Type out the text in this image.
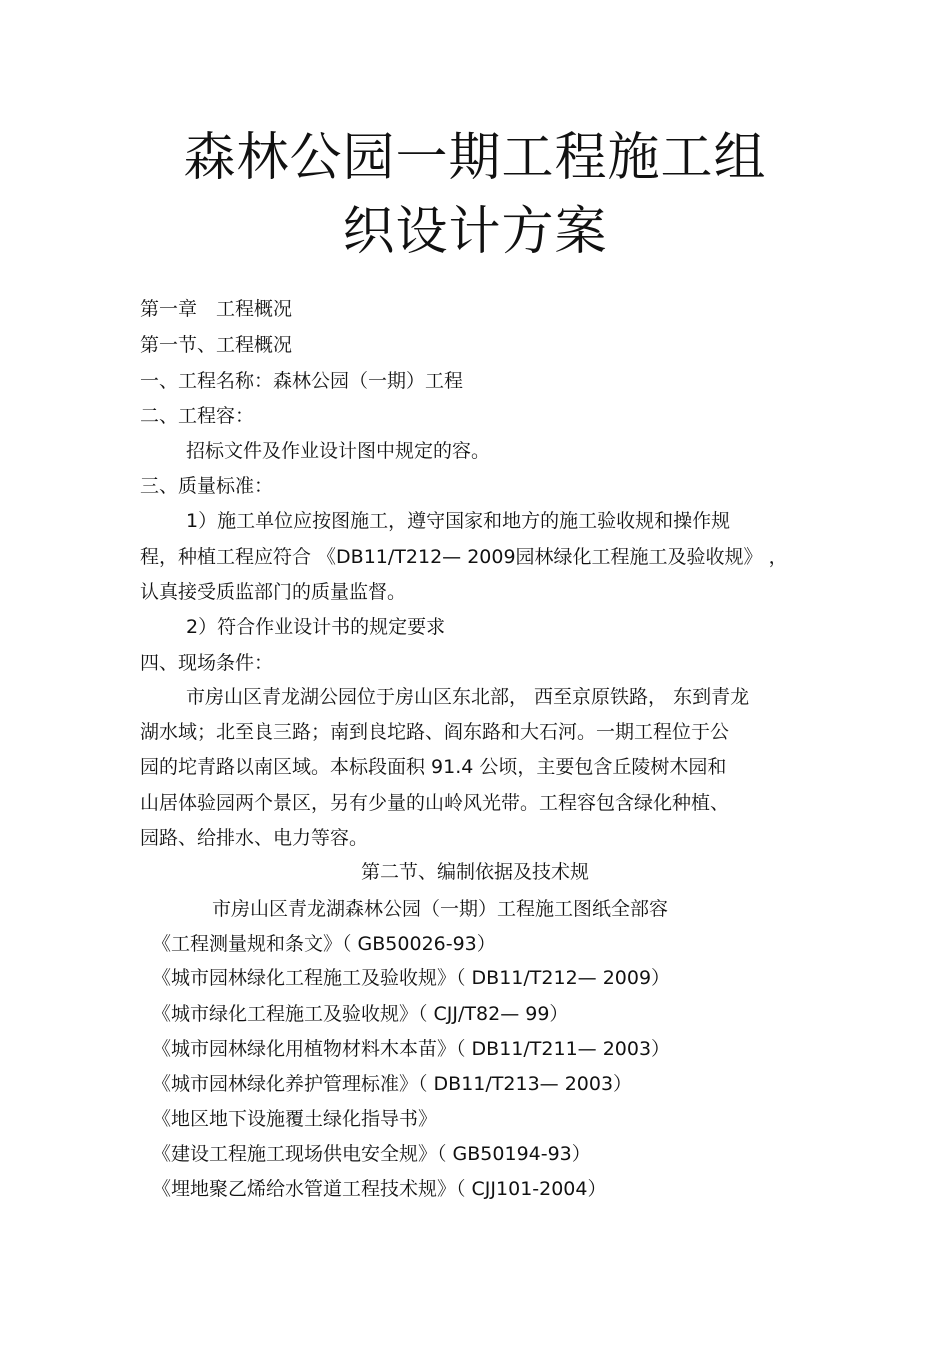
森林公园一期工程施工组
织设计方案
第一章　工程概况
第一节、工程概况
一、工程名称：森林公园（一期）工程
二、工程容：
招标文件及作业设计图中规定的容。
三、质量标准：
1）施工单位应按图施工，遵守国家和地方的施工验收规和操作规
程，种植工程应符合 《DB11/T212— 2009园林绿化工程施工及验收规》 ，
认真接受质监部门的质量监督。
2）符合作业设计书的规定要求
四、现场条件：
市房山区青龙湖公园位于房山区东北部， 西至京原铁路， 东到青龙
湖水域；北至良三路；南到良坨路、阎东路和大石河。一期工程位于公
园的坨青路以南区域。本标段面积 91.4 公顷，主要包含丘陵树木园和
山居体验园两个景区，另有少量的山岭风光带。工程容包含绿化种植、
园路、给排水、电力等容。
第二节、编制依据及技术规
市房山区青龙湖森林公园（一期）工程施工图纸全部容
《工程测量规和条文》（ GB50026-93）
《城市园林绿化工程施工及验收规》（ DB11/T212— 2009）
《城市绿化工程施工及验收规》（ CJJ/T82— 99）
《城市园林绿化用植物材料木本苗》（ DB11/T211— 2003）
《城市园林绿化养护管理标准》（ DB11/T213— 2003）
《地区地下设施覆土绿化指导书》
《建设工程施工现场供电安全规》（ GB50194-93）
《埋地聚乙烯给水管道工程技术规》（ CJJ101-2004）
